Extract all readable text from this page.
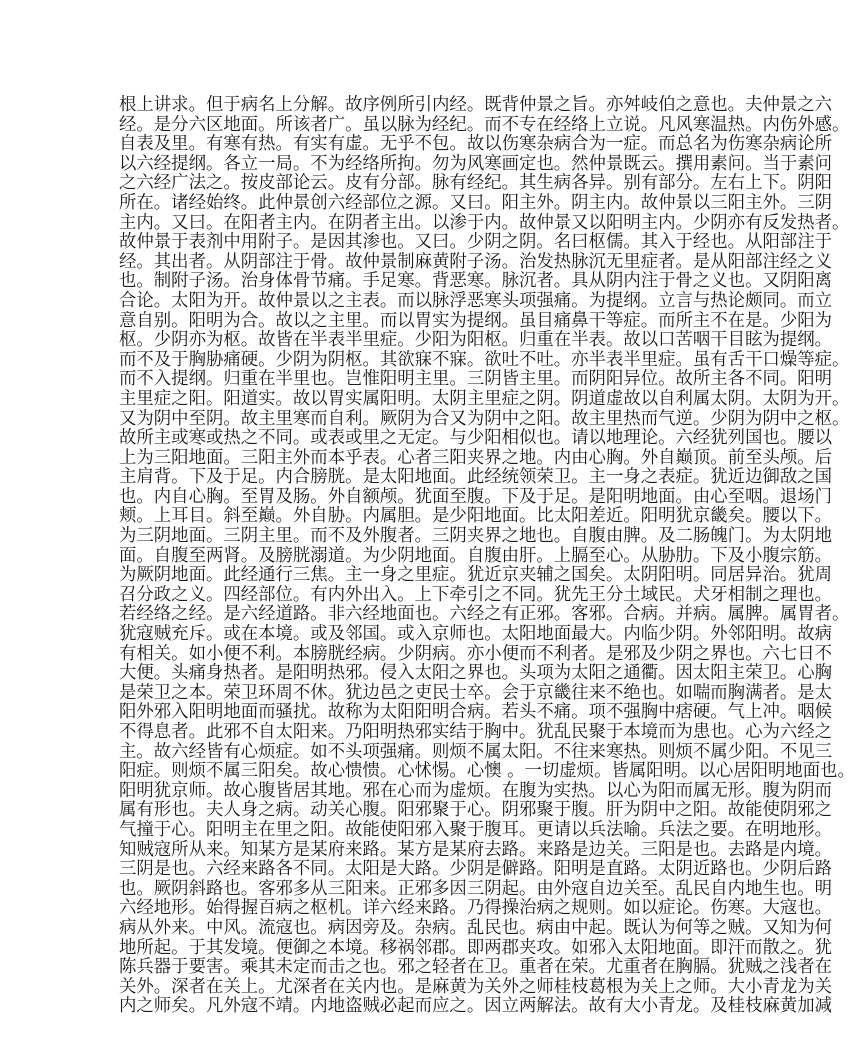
根上讲求。但于病名上分解。故序例所引内经。既背仲景之旨。亦舛岐伯之意也。夫仲景之六
经。是分六区地面。所该者广。虽以脉为经纪。而不专在经络上立说。凡风寒温热。内伤外感。
自表及里。有寒有热。有实有虚。无乎不包。故以伤寒杂病合为一症。而总名为伤寒杂病论所
以六经提纲。各立一局。不为经络所拘。勿为风寒画定也。然仲景既云。撰用素问。当于素问
之六经广法之。按皮部论云。皮有分部。脉有经纪。其生病各异。别有部分。左右上下。阴阳
所在。诸经始终。此仲景创六经部位之源。又曰。阳主外。阴主内。故仲景以三阳主外。三阴
主内。又曰。在阳者主内。在阴者主出。以渗于内。故仲景又以阳明主内。少阴亦有反发热者。
故仲景于表剂中用附子。是因其渗也。又曰。少阴之阴。名曰枢儒。其入于经也。从阳部注于
经。其出者。从阴部注于骨。故仲景制麻黄附子汤。治发热脉沉无里症者。是从阳部注经之义
也。制附子汤。治身体骨节痛。手足寒。背恶寒。脉沉者。具从阴内注于骨之义也。又阴阳离
合论。太阳为开。故仲景以之主表。而以脉浮恶寒头项强痛。为提纲。立言与热论颇同。而立
意自别。阳明为合。故以之主里。而以胃实为提纲。虽目痛鼻干等症。而所主不在是。少阳为
枢。少阴亦为枢。故皆在半表半里症。少阳为阳枢。归重在半表。故以口苦咽干目眩为提纲。
而不及于胸胁痛硬。少阴为阴枢。其欲寐不寐。欲吐不吐。亦半表半里症。虽有舌干口燥等症。
而不入提纲。归重在半里也。岂惟阳明主里。三阴皆主里。而阴阳异位。故所主各不同。阳明
主里症之阳。阳道实。故以胃实属阳明。太阴主里症之阴。阴道虚故以自利属太阴。太阴为开。
又为阴中至阴。故主里寒而自利。厥阴为合又为阴中之阳。故主里热而气逆。少阴为阴中之枢。
故所主或寒或热之不同。或表或里之无定。与少阳相似也。请以地理论。六经犹列国也。腰以
上为三阳地面。三阳主外而本乎表。心者三阳夹界之地。内由心胸。外自巅顶。前至头颅。后
主肩背。下及于足。内合膀胱。是太阳地面。此经统领荣卫。主一身之表症。犹近边御敌之国
也。内自心胸。至胃及肠。外自额颅。犹面至腹。下及于足。是阳明地面。由心至咽。退场门
颊。上耳目。斜至巅。外自胁。内属胆。是少阳地面。比太阳差近。阳明犹京畿矣。腰以下。
为三阴地面。三阴主里。而不及外腹者。三阴夹界之地也。自腹由脾。及二肠魄门。为太阴地
面。自腹至两肾。及膀胱溺道。为少阴地面。自腹由肝。上膈至心。从胁肋。下及小腹宗筋。
为厥阴地面。此经通行三焦。主一身之里症。犹近京夹辅之国矣。太阴阳明。同居异治。犹周
召分政之义。四经部位。有内外出入。上下牵引之不同。犹先王分土域民。犬牙相制之理也。
若经络之经。是六经道路。非六经地面也。六经之有正邪。客邪。合病。并病。属脾。属胃者。
犹寇贼充斥。或在本境。或及邻国。或入京师也。太阳地面最大。内临少阴。外邻阳明。故病
有相关。如小便不利。本膀胱经病。少阴病。亦小便而不利者。是邪及少阴之界也。六七日不
大便。头痛身热者。是阳明热邪。侵入太阳之界也。头项为太阳之通衢。因太阳主荣卫。心胸
是荣卫之本。荣卫环周不休。犹边邑之吏民士卒。会于京畿往来不绝也。如喘而胸满者。是太
阳外邪入阳明地面而骚扰。故称为太阳阳明合病。若头不痛。项不强胸中痞硬。气上冲。咽候
不得息者。此邪不自太阳来。乃阳明热邪实结于胸中。犹乱民聚于本境而为患也。心为六经之
主。故六经皆有心烦症。如不头项强痛。则烦不属太阳。不往来寒热。则烦不属少阳。不见三
阳症。则烦不属三阳矣。故心愦愦。心怵惕。心懊 。一切虚烦。皆属阳明。以心居阳明地面也。
阳明犹京师。故心腹皆居其地。邪在心而为虚烦。在腹为实热。以心为阳而属无形。腹为阴而
属有形也。夫人身之病。动关心腹。阳邪聚于心。阴邪聚于腹。肝为阴中之阳。故能使阴邪之
气撞于心。阳明主在里之阳。故能使阳邪入聚于腹耳。更请以兵法喻。兵法之要。在明地形。
知贼寇所从来。知某方是某府来路。某方是某府去路。来路是边关。三阳是也。去路是内境。
三阴是也。六经来路各不同。太阳是大路。少阴是僻路。阳明是直路。太阴近路也。少阴后路
也。厥阴斜路也。客邪多从三阳来。正邪多因三阴起。由外寇自边关至。乱民自内地生也。明
六经地形。始得握百病之枢机。详六经来路。乃得操治病之规则。如以症论。伤寒。大寇也。
病从外来。中风。流寇也。病因旁及。杂病。乱民也。病由中起。既认为何等之贼。又知为何
地所起。于其发境。便御之本境。移祸邻郡。即两郡夹攻。如邪入太阳地面。即汗而散之。犹
陈兵器于要害。乘其未定而击之也。邪之轻者在卫。重者在荣。尤重者在胸膈。犹贼之浅者在
关外。深者在关上。尤深者在关内也。是麻黄为关外之师桂枝葛根为关上之师。大小青龙为关
内之师矣。凡外寇不靖。内地盗贼必起而应之。因立两解法。故有大小青龙。及桂枝麻黄加减
